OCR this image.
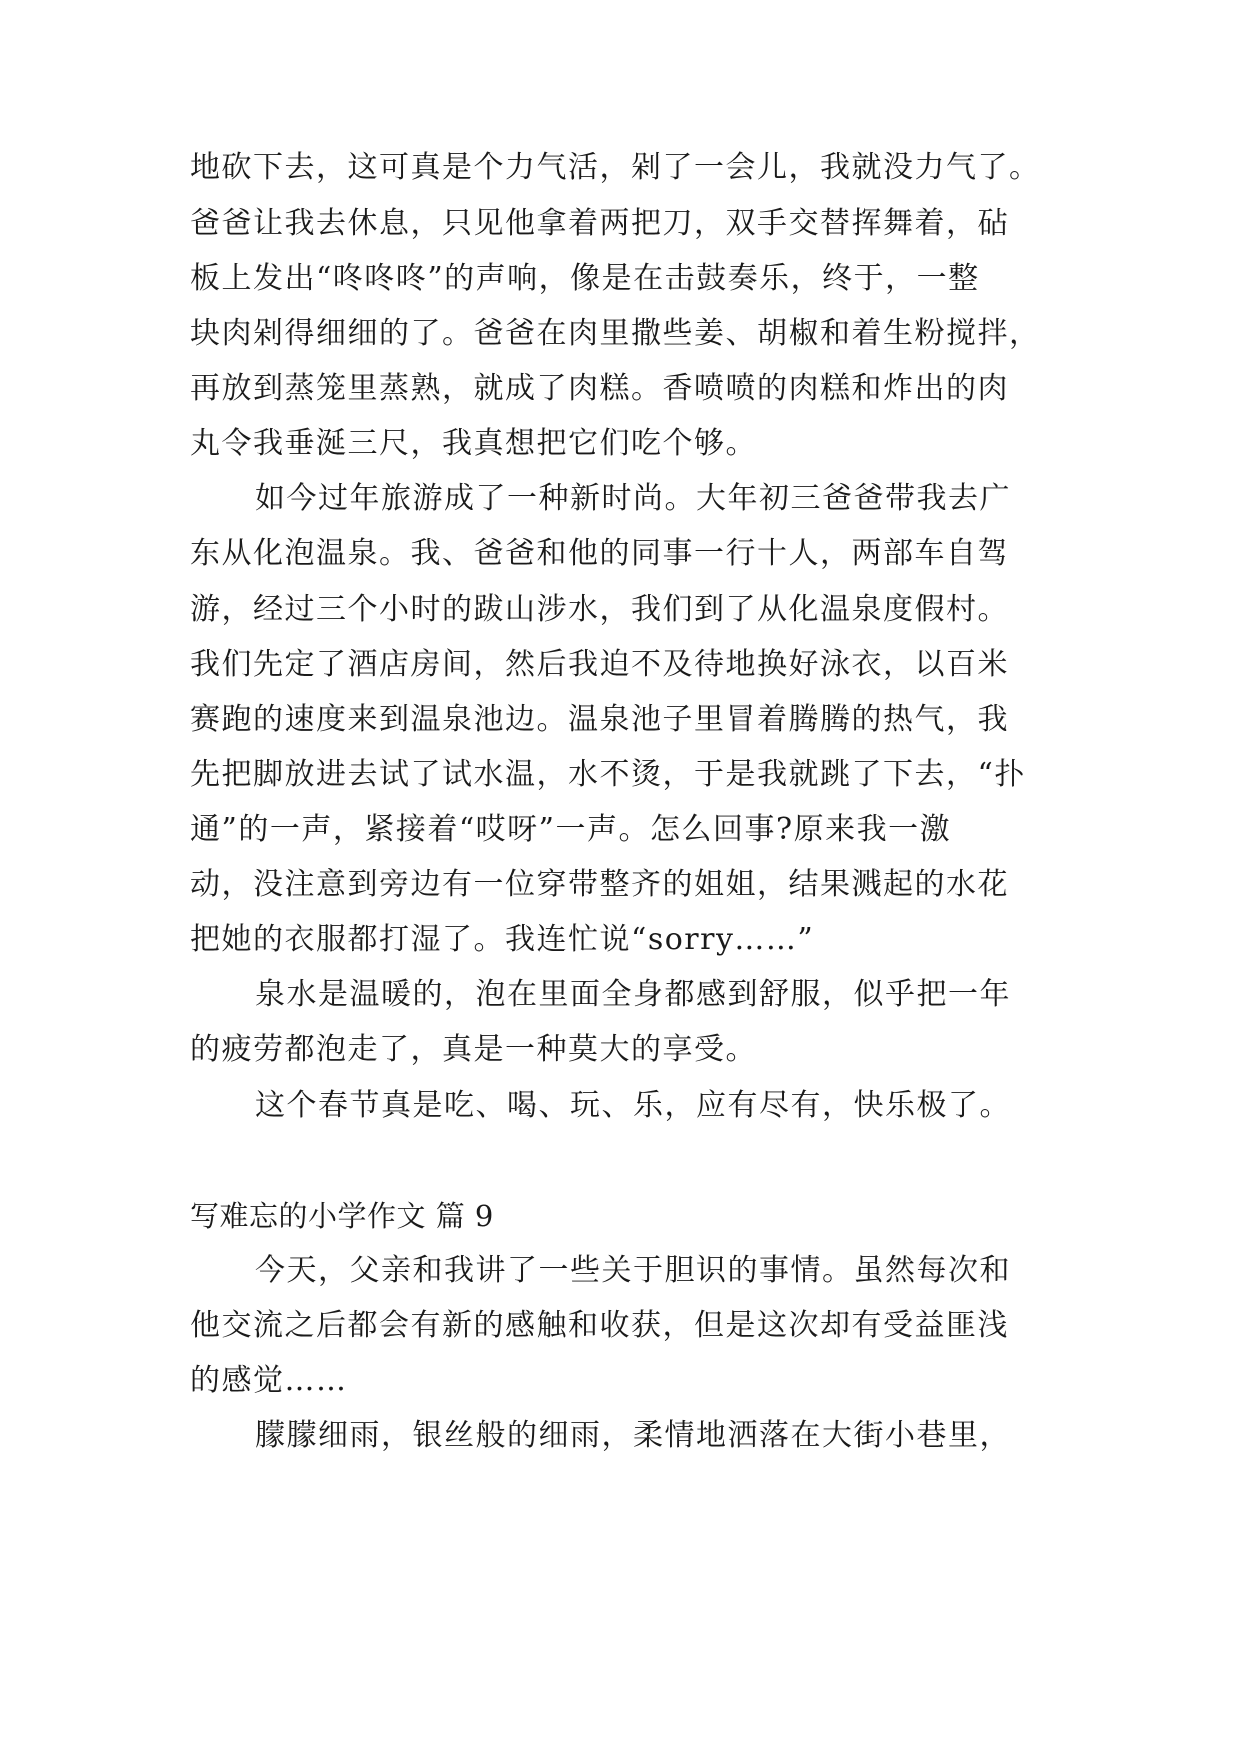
地砍下去，这可真是个力气活，剁了一会儿，我就没力气了。
爸爸让我去休息，只见他拿着两把刀，双手交替挥舞着，砧
板上发出“咚咚咚”的声响，像是在击鼓奏乐，终于，一整
块肉剁得细细的了。爸爸在肉里撒些姜、胡椒和着生粉搅拌，
再放到蒸笼里蒸熟，就成了肉糕。香喷喷的肉糕和炸出的肉
丸令我垂涎三尺，我真想把它们吃个够。
如今过年旅游成了一种新时尚。大年初三爸爸带我去广
东从化泡温泉。我、爸爸和他的同事一行十人，两部车自驾
游，经过三个小时的跋山涉水，我们到了从化温泉度假村。
我们先定了酒店房间，然后我迫不及待地换好泳衣，以百米
赛跑的速度来到温泉池边。温泉池子里冒着腾腾的热气，我
先把脚放进去试了试水温，水不烫，于是我就跳了下去，“扑
通”的一声，紧接着“哎呀”一声。怎么回事?原来我一激
动，没注意到旁边有一位穿带整齐的姐姐，结果溅起的水花
把她的衣服都打湿了。我连忙说“sorry……”
泉水是温暖的，泡在里面全身都感到舒服，似乎把一年
的疲劳都泡走了，真是一种莫大的享受。
这个春节真是吃、喝、玩、乐，应有尽有，快乐极了。
写难忘的小学作文 篇 9
今天，父亲和我讲了一些关于胆识的事情。虽然每次和
他交流之后都会有新的感触和收获，但是这次却有受益匪浅
的感觉……
朦朦细雨，银丝般的细雨，柔情地洒落在大街小巷里，
